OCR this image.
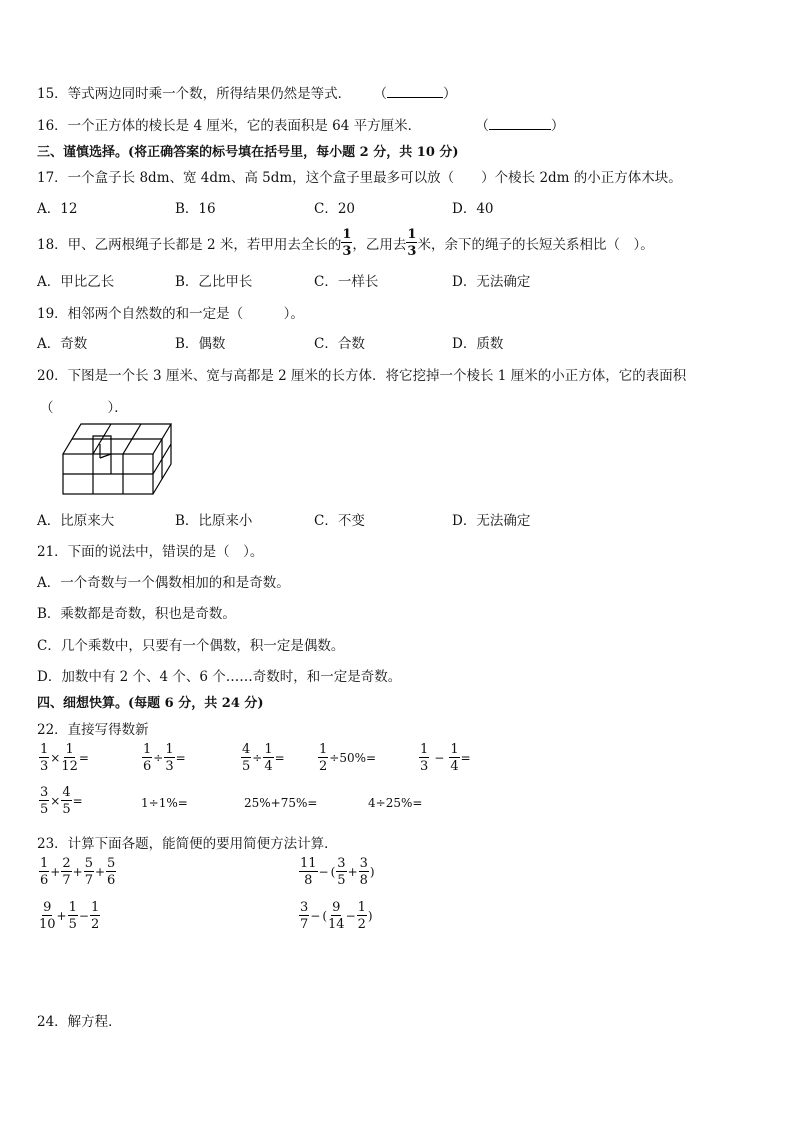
15．等式两边同时乘一个数，所得结果仍然是等式． （	）
16．一个正方体的棱长是 4 厘米，它的表面积是 64 平方厘米．	（	）
三、谨慎选择。(将正确答案的标号填在括号里，每小题 2 分，共 10 分)
17．一个盒子长 8dm、宽 4dm、高 5dm，这个盒子里最多可以放（　　）个棱长 2dm 的小正方体木块。
A．12	B．16	C．20	D．40
18．甲、乙两根绳子长都是 2 米，若甲用去全长的 $\frac{1}{3}$ ，乙用去 $\frac{1}{3}$ 米，余下的绳子的长短关系相比（　）。
A．甲比乙长	B．乙比甲长	C．一样长	D．无法确定
19．相邻两个自然数的和一定是（　　　）。
A．奇数	B．偶数	C．合数	D．质数
20．下图是一个长 3 厘米、宽与高都是 2 厘米的长方体．将它挖掉一个棱长 1 厘米的小正方体，它的表面积
（　　　　）．
A．比原来大	B．比原来小	C．不变	D．无法确定
21．下面的说法中，错误的是（　）。
A．一个奇数与一个偶数相加的和是奇数。
B．乘数都是奇数，积也是奇数。
C．几个乘数中，只要有一个偶数，积一定是偶数。
D．加数中有 2 个、4 个、6 个……奇数时，和一定是奇数。
四、细想快算。(每题 6 分，共 24 分)
22．直接写得数新
$\frac{1}{3} \times \frac{1}{12}$ =	$\frac{1}{6} \div \frac{1}{3}$ =	$\frac{4}{5} \div \frac{1}{4}$ =	$\frac{1}{2} \div 50\%=$	$\frac{1}{3} - \frac{1}{4}$ =
$\frac{3}{5} \times \frac{4}{5}$ =	1÷1%=	25%+75%=	4÷25%=
23．计算下面各题，能简便的要用简便方法计算．
$\frac{1}{6} + \frac{2}{7} + \frac{5}{7} + \frac{5}{6}$	$\frac{11}{8}$ − ( $\frac{3}{5} + \frac{3}{8}$ )
$\frac{9}{10} + \frac{1}{5} - \frac{1}{2}$	$\frac{3}{7}$ − ( $\frac{9}{14} - \frac{1}{2}$ )
24．解方程．
